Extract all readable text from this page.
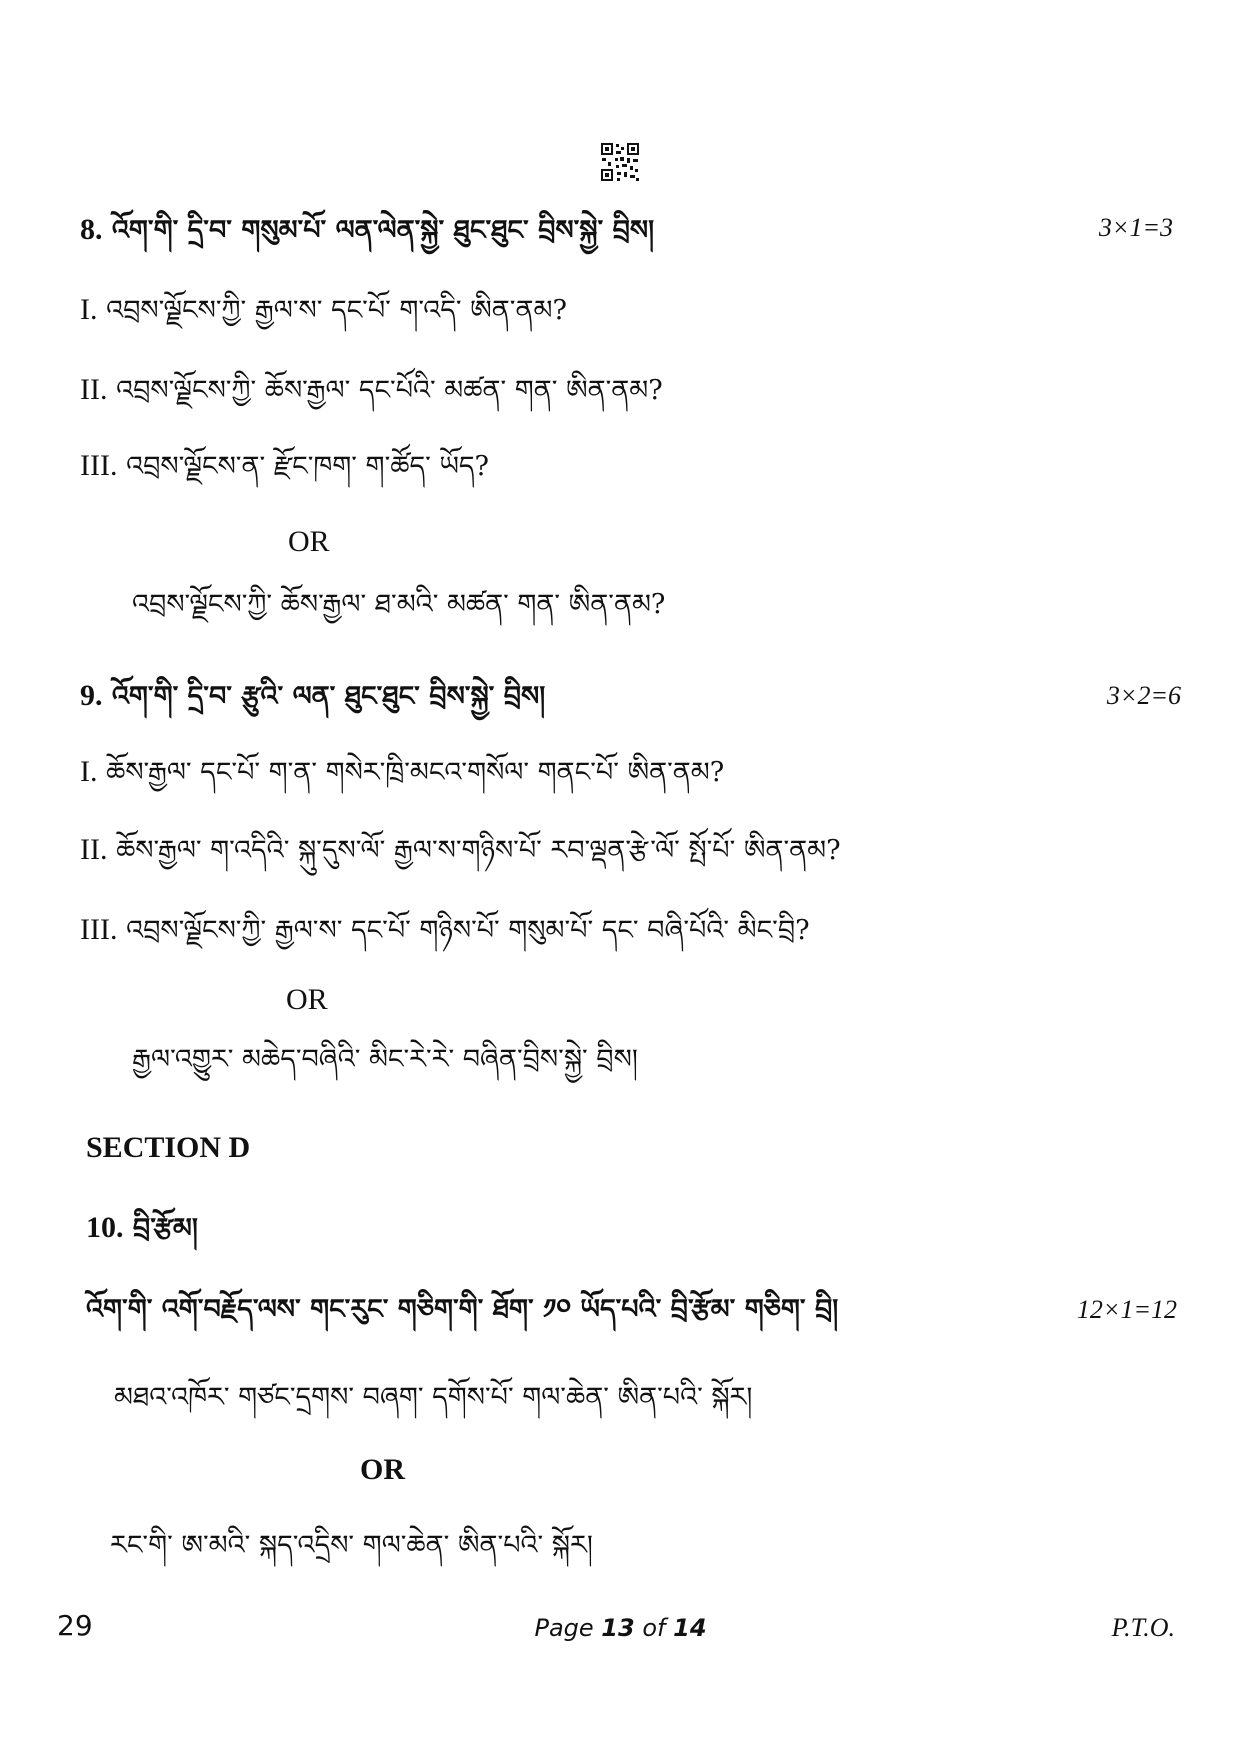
8. འོག་གི་ དྲི་བ་ གསུམ་པོ་ ལན་ལེན་སྐྱེ་ ཐུང་ཐུང་ བྲིས་སྐྱེ་ བྲིས།	3×1=3
I. འབྲས་ལྗོངས་ཀྱི་ རྒྱལ་ས་ དང་པོ་ ག་འདི་ ཨིན་ནམ?
II. འབྲས་ལྗོངས་ཀྱི་ ཆོས་རྒྱལ་ དང་པོའི་ མཚན་ གན་ ཨིན་ནམ?
III. འབྲས་ལྗོངས་ན་ རྫོང་ཁག་ ག་ཚོད་ ཡོད?
OR
འབྲས་ལྗོངས་ཀྱི་ ཆོས་རྒྱལ་ ཐ་མའི་ མཚན་ གན་ ཨིན་ནམ?
9. འོག་གི་ དྲི་བ་ རྩུའི་ ལན་ ཐུང་ཐུང་ བྲིས་སྐྱེ་ བྲིས།	3×2=6
I. ཆོས་རྒྱལ་ དང་པོ་ ག་ན་ གསེར་ཁྲི་མངའ་གསོལ་ གནང་པོ་ ཨིན་ནམ?
II. ཆོས་རྒྱལ་ ག་འདིའི་ སྐུ་དུས་ལོ་ རྒྱལ་ས་གཉིས་པོ་ རབ་ལྡན་རྩེ་ལོ་ སྤོ་པོ་ ཨིན་ནམ?
III. འབྲས་ལྗོངས་ཀྱི་ རྒྱལ་ས་ དང་པོ་ གཉིས་པོ་ གསུམ་པོ་ དང་ བཞི་པོའི་ མིང་བྲི?
OR
རྒྱལ་འགྱུར་ མཆེད་བཞིའི་ མིང་རེ་རེ་ བཞིན་བྲིས་སྐྱེ་ བྲིས།
SECTION D
10. བྲི་རྩོམ།
འོག་གི་ འགོ་བརྗོད་ལས་ གང་རུང་ གཅིག་གི་ ཐོག་ ༡༠ ཡོད་པའི་ བྲི་རྩོམ་ གཅིག་ བྲི།	12×1=12
མཐའ་འཁོར་ གཙང་དྲགས་ བཞག་ དགོས་པོ་ གལ་ཆེན་ ཨིན་པའི་ སྐོར།
OR
རང་གི་ ཨ་མའི་ སྐད་འདྲིས་ གལ་ཆེན་ ཨིན་པའི་ སྐོར།
29	Page 13 of 14	P.T.O.
